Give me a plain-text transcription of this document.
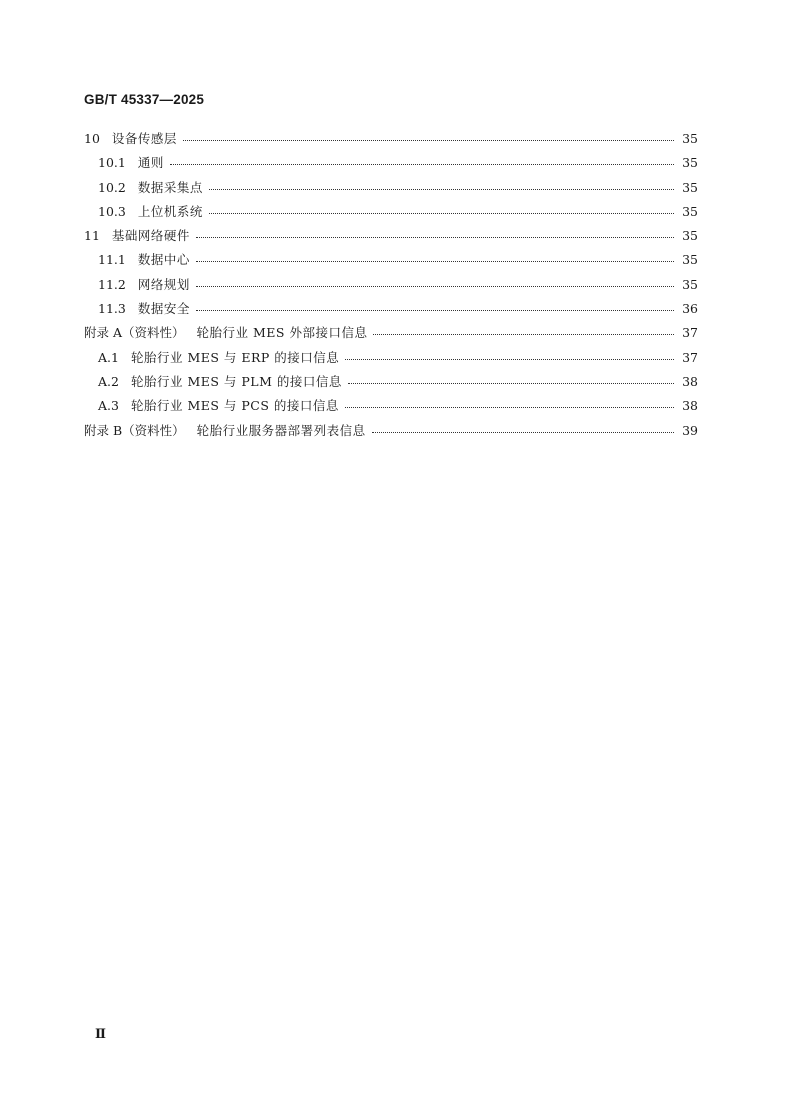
GB/T 45337—2025
10 设备传感层	35
10.1 通则	35
10.2 数据采集点	35
10.3 上位机系统	35
11 基础网络硬件	35
11.1 数据中心	35
11.2 网络规划	35
11.3 数据安全	36
附录 A（资料性） 轮胎行业 MES 外部接口信息	37
A.1 轮胎行业 MES 与 ERP 的接口信息	37
A.2 轮胎行业 MES 与 PLM 的接口信息	38
A.3 轮胎行业 MES 与 PCS 的接口信息	38
附录 B（资料性） 轮胎行业服务器部署列表信息	39
Ⅱ
